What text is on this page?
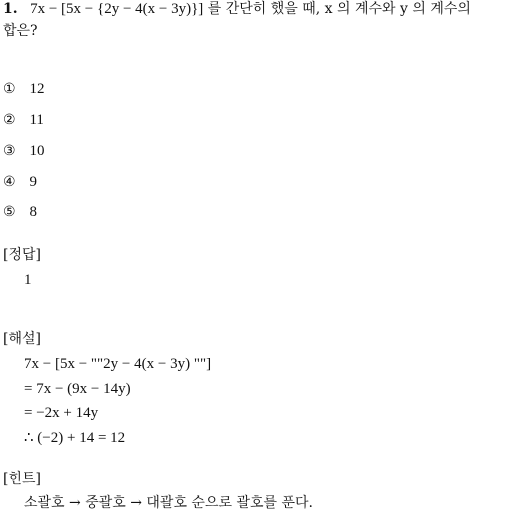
1. 7x − [5x − {2y − 4(x − 3y)}] 를 간단히 했을 때, x 의 계수와 y 의 계수의
합은?
① 12
② 11
③ 10
④ 9
⑤ 8
[정답]
1
[해설]
7x − [5x − ""2y − 4(x − 3y) ""]
= 7x − (9x − 14y)
= −2x + 14y
∴ (−2) + 14 = 12
[힌트]
소괄호 → 중괄호 → 대괄호 순으로 괄호를 푼다.
